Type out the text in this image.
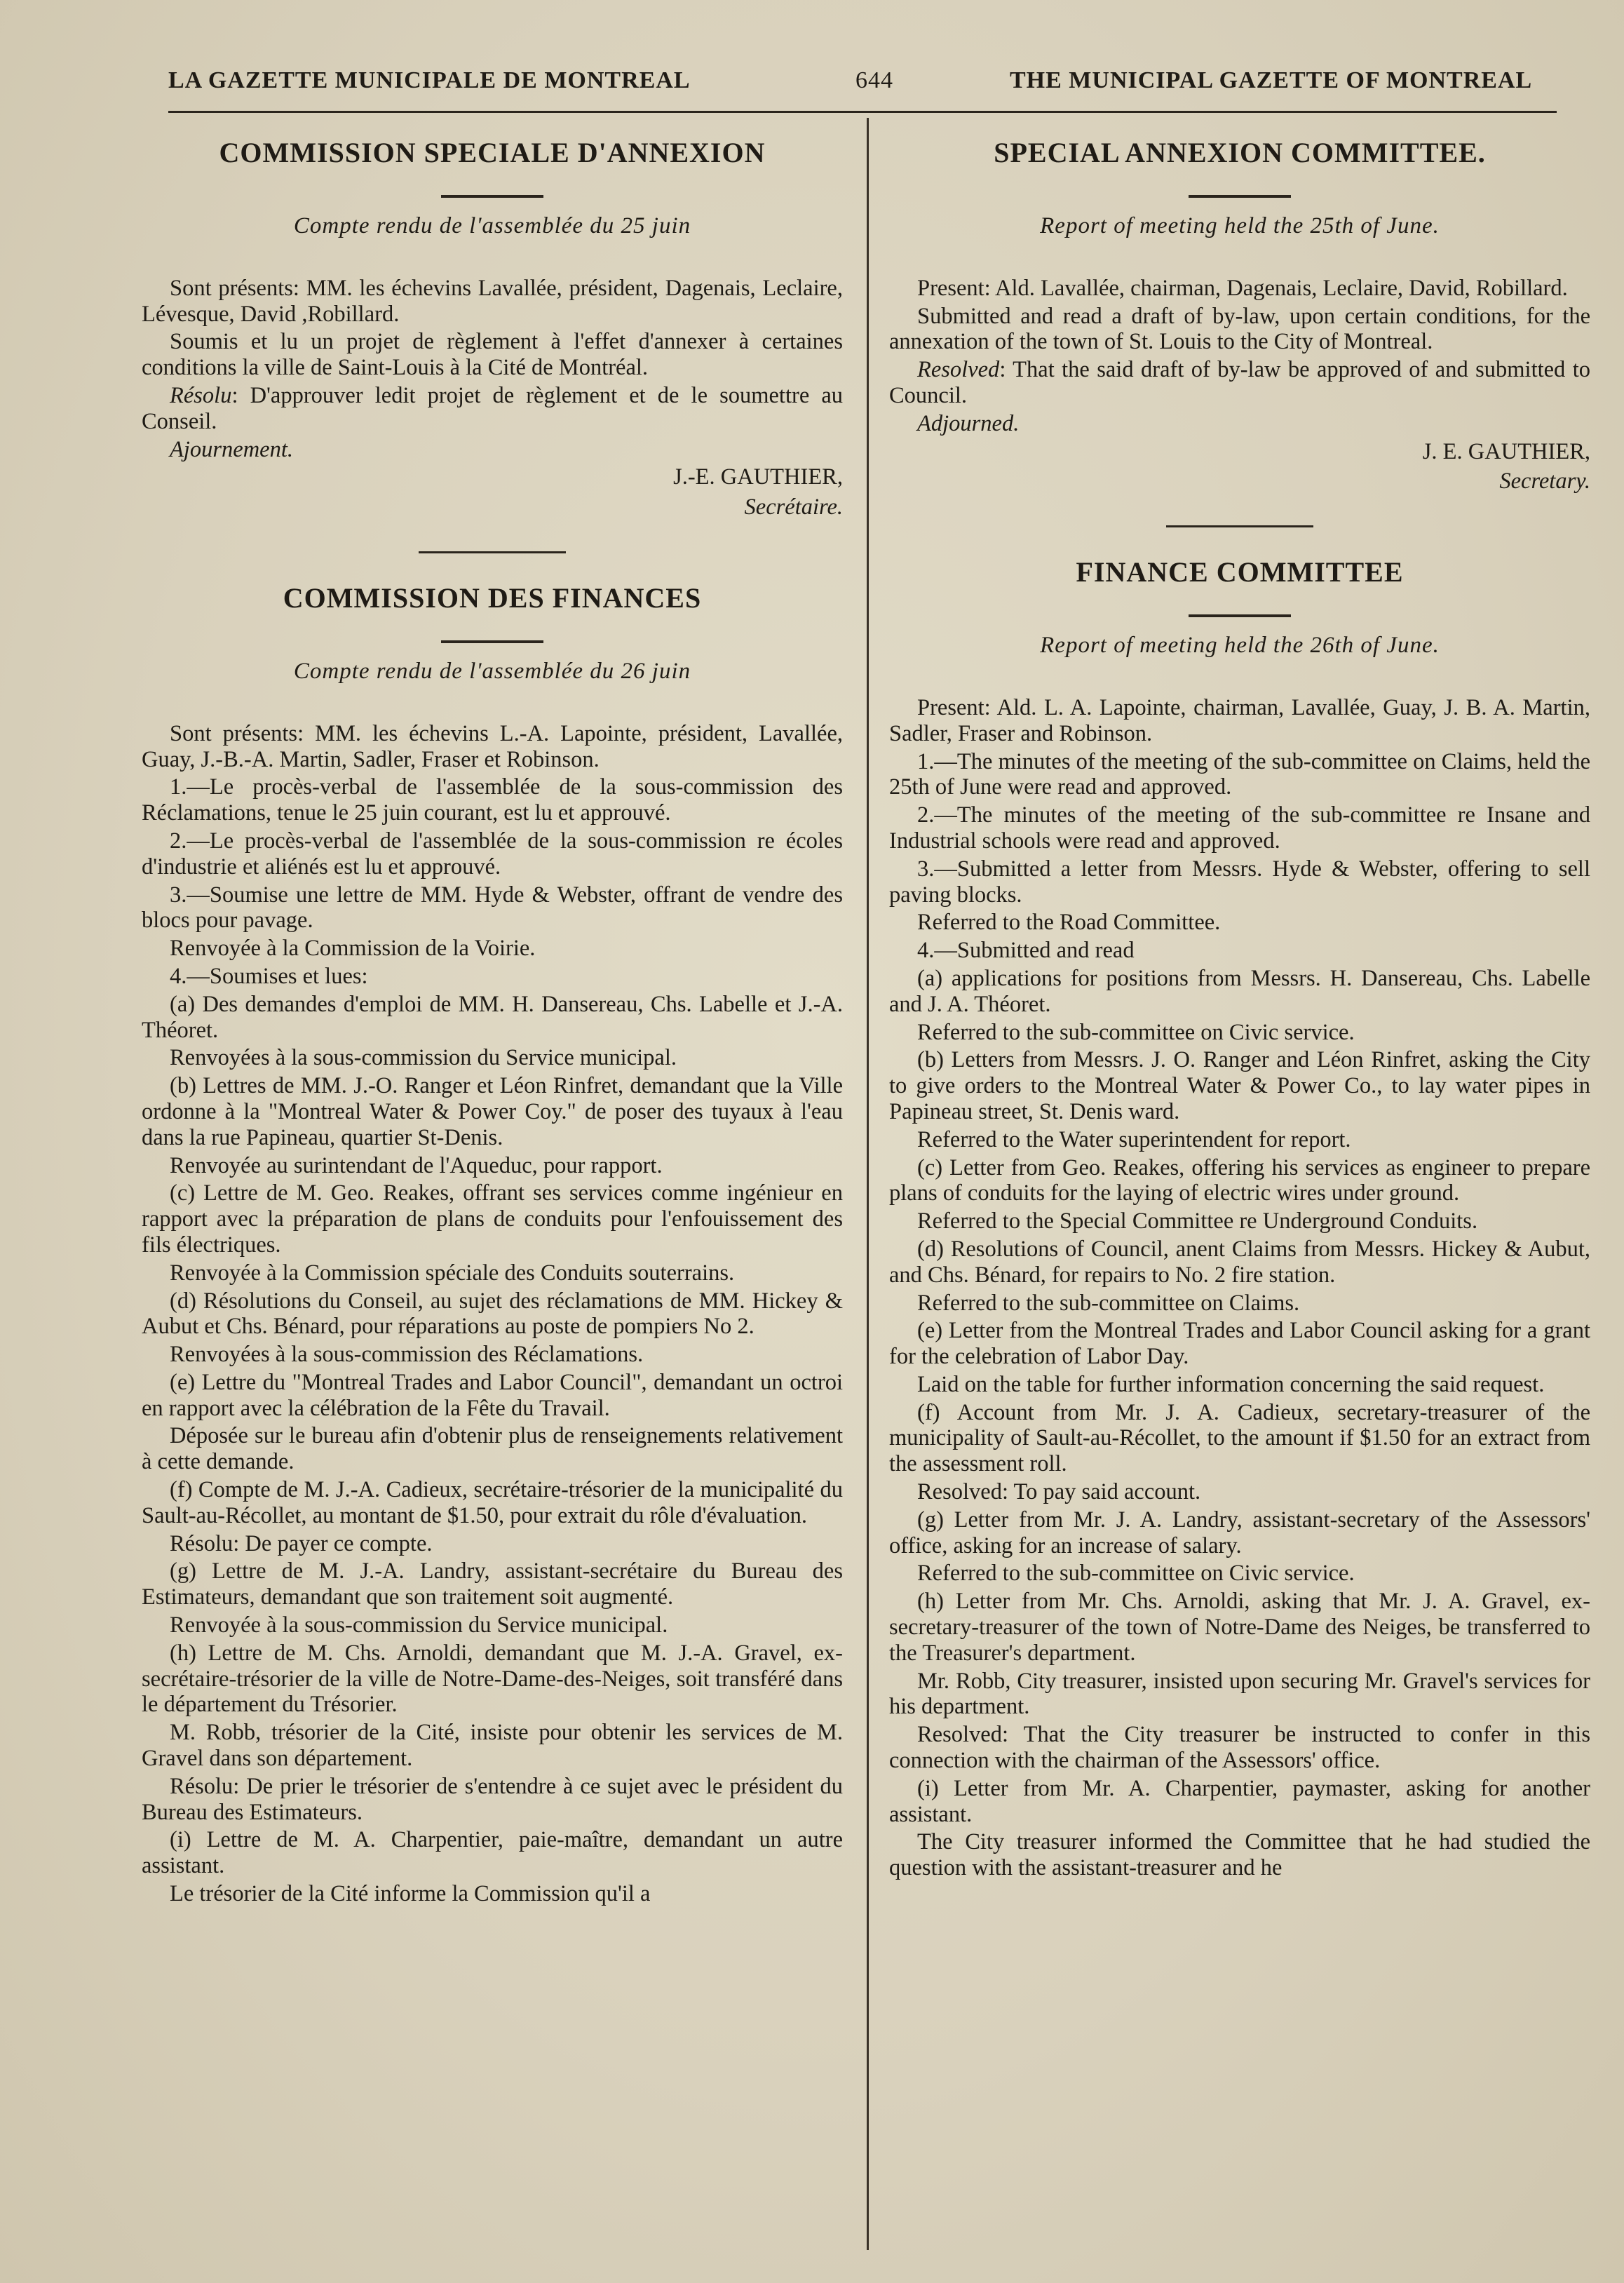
LA GAZETTE MUNICIPALE DE MONTREAL	644	THE MUNICIPAL GAZETTE OF MONTREAL
COMMISSION SPECIALE D'ANNEXION
Compte rendu de l'assemblée du 25 juin

Sont présents: MM. les échevins Lavallée, président, Dagenais, Leclaire, Lévesque, David ,Robillard.

Soumis et lu un projet de règlement à l'effet d'annexer à certaines conditions la ville de Saint-Louis à la Cité de Montréal.

Résolu: D'approuver ledit projet de règlement et de le soumettre au Conseil.

Ajournement.

J.-E. GAUTHIER,

Secrétaire.

COMMISSION DES FINANCES
Compte rendu de l'assemblée du 26 juin

Sont présents: MM. les échevins L.-A. Lapointe, président, Lavallée, Guay, J.-B.-A. Martin, Sadler, Fraser et Robinson.

1.—Le procès-verbal de l'assemblée de la sous-commission des Réclamations, tenue le 25 juin courant, est lu et approuvé.

2.—Le procès-verbal de l'assemblée de la sous-commission re écoles d'industrie et aliénés est lu et approuvé.

3.—Soumise une lettre de MM. Hyde & Webster, offrant de vendre des blocs pour pavage.

Renvoyée à la Commission de la Voirie.

4.—Soumises et lues:

(a) Des demandes d'emploi de MM. H. Dansereau, Chs. Labelle et J.-A. Théoret.

Renvoyées à la sous-commission du Service municipal.

(b) Lettres de MM. J.-O. Ranger et Léon Rinfret, demandant que la Ville ordonne à la "Montreal Water & Power Coy." de poser des tuyaux à l'eau dans la rue Papineau, quartier St-Denis.

Renvoyée au surintendant de l'Aqueduc, pour rapport.

(c) Lettre de M. Geo. Reakes, offrant ses services comme ingénieur en rapport avec la préparation de plans de conduits pour l'enfouissement des fils électriques.

Renvoyée à la Commission spéciale des Conduits souterrains.

(d) Résolutions du Conseil, au sujet des réclamations de MM. Hickey & Aubut et Chs. Bénard, pour réparations au poste de pompiers No 2.

Renvoyées à la sous-commission des Réclamations.

(e) Lettre du "Montreal Trades and Labor Council", demandant un octroi en rapport avec la célébration de la Fête du Travail.

Déposée sur le bureau afin d'obtenir plus de renseignements relativement à cette demande.

(f) Compte de M. J.-A. Cadieux, secrétaire-trésorier de la municipalité du Sault-au-Récollet, au montant de $1.50, pour extrait du rôle d'évaluation.

Résolu: De payer ce compte.

(g) Lettre de M. J.-A. Landry, assistant-secrétaire du Bureau des Estimateurs, demandant que son traitement soit augmenté.

Renvoyée à la sous-commission du Service municipal.

(h) Lettre de M. Chs. Arnoldi, demandant que M. J.-A. Gravel, ex-secrétaire-trésorier de la ville de Notre-Dame-des-Neiges, soit transféré dans le département du Trésorier.

M. Robb, trésorier de la Cité, insiste pour obtenir les services de M. Gravel dans son département.

Résolu: De prier le trésorier de s'entendre à ce sujet avec le président du Bureau des Estimateurs.

(i) Lettre de M. A. Charpentier, paie-maître, demandant un autre assistant.

Le trésorier de la Cité informe la Commission qu'il a

SPECIAL ANNEXION COMMITTEE.
Report of meeting held the 25th of June.

Present: Ald. Lavallée, chairman, Dagenais, Leclaire, David, Robillard.

Submitted and read a draft of by-law, upon certain conditions, for the annexation of the town of St. Louis to the City of Montreal.

Resolved: That the said draft of by-law be approved of and submitted to Council.

Adjourned.

J. E. GAUTHIER,

Secretary.

FINANCE COMMITTEE
Report of meeting held the 26th of June.

Present: Ald. L. A. Lapointe, chairman, Lavallée, Guay, J. B. A. Martin, Sadler, Fraser and Robinson.

1.—The minutes of the meeting of the sub-committee on Claims, held the 25th of June were read and approved.

2.—The minutes of the meeting of the sub-committee re Insane and Industrial schools were read and approved.

3.—Submitted a letter from Messrs. Hyde & Webster, offering to sell paving blocks.

Referred to the Road Committee.

4.—Submitted and read

(a) applications for positions from Messrs. H. Dansereau, Chs. Labelle and J. A. Théoret.

Referred to the sub-committee on Civic service.

(b) Letters from Messrs. J. O. Ranger and Léon Rinfret, asking the City to give orders to the Montreal Water & Power Co., to lay water pipes in Papineau street, St. Denis ward.

Referred to the Water superintendent for report.

(c) Letter from Geo. Reakes, offering his services as engineer to prepare plans of conduits for the laying of electric wires under ground.

Referred to the Special Committee re Underground Conduits.

(d) Resolutions of Council, anent Claims from Messrs. Hickey & Aubut, and Chs. Bénard, for repairs to No. 2 fire station.

Referred to the sub-committee on Claims.

(e) Letter from the Montreal Trades and Labor Council asking for a grant for the celebration of Labor Day.

Laid on the table for further information concerning the said request.

(f) Account from Mr. J. A. Cadieux, secretary-treasurer of the municipality of Sault-au-Récollet, to the amount if $1.50 for an extract from the assessment roll.

Resolved: To pay said account.

(g) Letter from Mr. J. A. Landry, assistant-secretary of the Assessors' office, asking for an increase of salary.

Referred to the sub-committee on Civic service.

(h) Letter from Mr. Chs. Arnoldi, asking that Mr. J. A. Gravel, ex-secretary-treasurer of the town of Notre-Dame des Neiges, be transferred to the Treasurer's department.

Mr. Robb, City treasurer, insisted upon securing Mr. Gravel's services for his department.

Resolved: That the City treasurer be instructed to confer in this connection with the chairman of the Assessors' office.

(i) Letter from Mr. A. Charpentier, paymaster, asking for another assistant.

The City treasurer informed the Committee that he had studied the question with the assistant-treasurer and he
